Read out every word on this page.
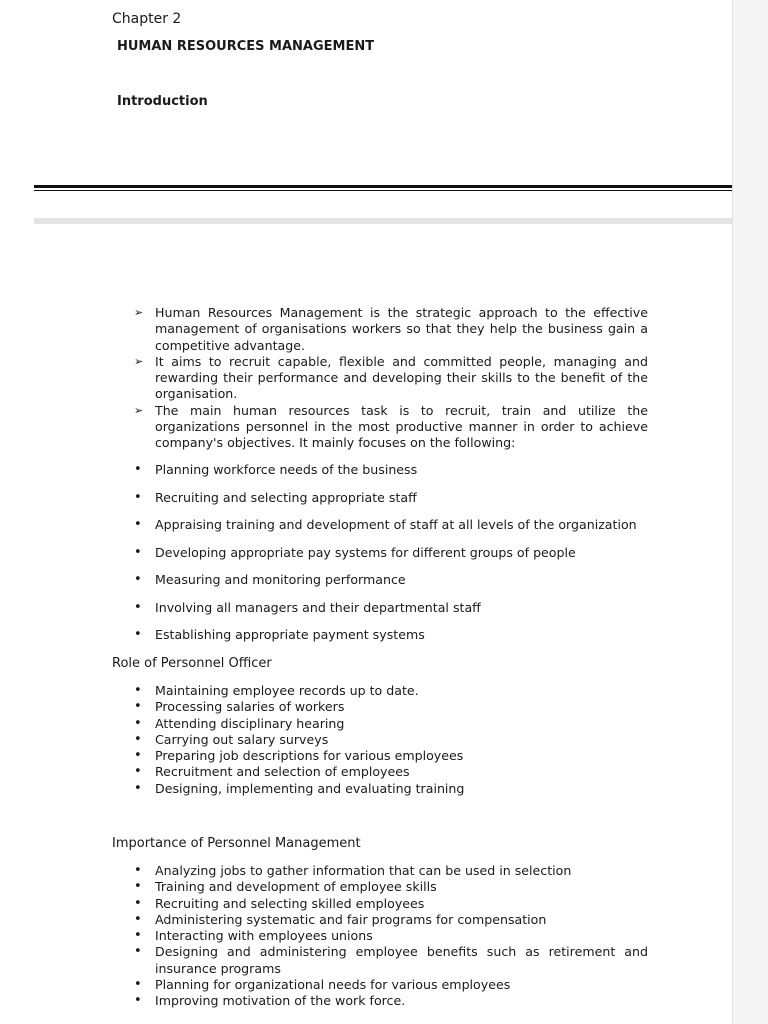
Chapter 2
HUMAN RESOURCES MANAGEMENT
Introduction
➢ Human Resources Management is the strategic approach to the effective management of organisations workers so that they help the business gain a competitive advantage.
➢ It aims to recruit capable, flexible and committed people, managing and rewarding their performance and developing their skills to the benefit of the organisation.
➢ The main human resources task is to recruit, train and utilize the organizations personnel in the most productive manner in order to achieve company's objectives. It mainly focuses on the following:
• Planning workforce needs of the business
• Recruiting and selecting appropriate staff
• Appraising training and development of staff at all levels of the organization
• Developing appropriate pay systems for different groups of people
• Measuring and monitoring performance
• Involving all managers and their departmental staff
• Establishing appropriate payment systems
Role of Personnel Officer
• Maintaining employee records up to date.
• Processing salaries of workers
• Attending disciplinary hearing
• Carrying out salary surveys
• Preparing job descriptions for various employees
• Recruitment and selection of employees
• Designing, implementing and evaluating training
Importance of Personnel Management
• Analyzing jobs to gather information that can be used in selection
• Training and development of employee skills
• Recruiting and selecting skilled employees
• Administering systematic and fair programs for compensation
• Interacting with employees unions
• Designing and administering employee benefits such as retirement and insurance programs
• Planning for organizational needs for various employees
• Improving motivation of the work force.
